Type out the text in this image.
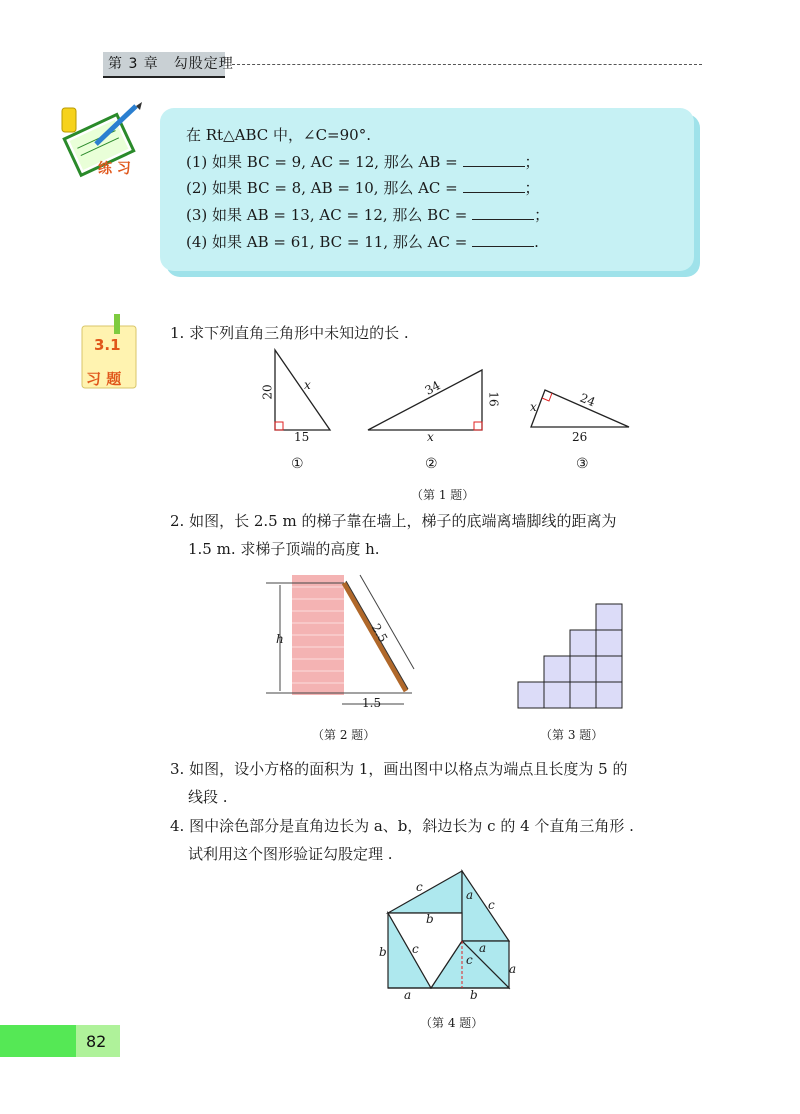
第 3 章　勾股定理
练 习
在 Rt△ABC 中，∠C=90°.
(1) 如果 BC = 9, AC = 12, 那么 AB =	；
(2) 如果 BC = 8, AB = 10, 那么 AC =	；
(3) 如果 AB = 13, AC = 12, 那么 BC =	；
(4) 如果 AB = 61, BC = 11, 那么 AC =	.
3.1
习 题
1. 求下列直角三角形中未知边的长 .
20
15
x
①
34
16
x
②
x	24
26
③
（第 1 题）
2. 如图，长 2.5 m 的梯子靠在墙上，梯子的底端离墙脚线的距离为
1.5 m. 求梯子顶端的高度 h.
h	2.5
1.5
（第 2 题）	（第 3 题）
3. 如图，设小方格的面积为 1，画出图中以格点为端点且长度为 5 的
线段 .
4. 图中涂色部分是直角边长为 a、b，斜边长为 c 的 4 个直角三角形 .
试利用这个图形验证勾股定理 .
c
a
c
b
c
b	a
c
a
a	b
（第 4 题）
82
